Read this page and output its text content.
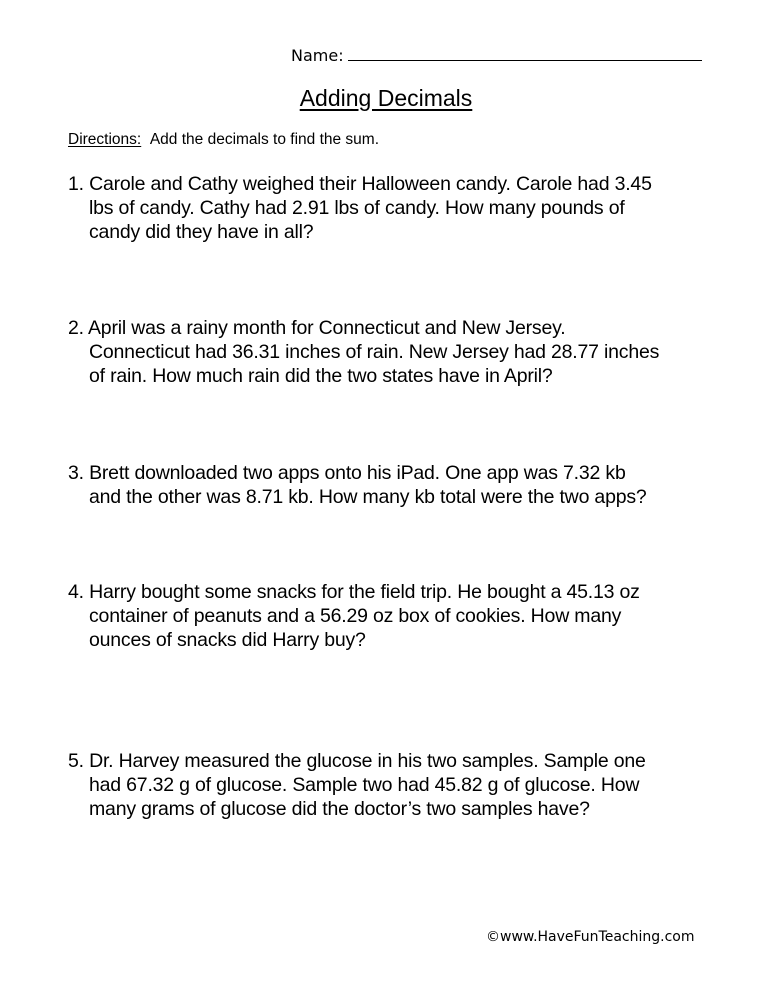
Name:
Adding Decimals
Directions: Add the decimals to find the sum.
1. Carole and Cathy weighed their Halloween candy. Carole had 3.45
lbs of candy. Cathy had 2.91 lbs of candy. How many pounds of
candy did they have in all?
2. April was a rainy month for Connecticut and New Jersey.
Connecticut had 36.31 inches of rain. New Jersey had 28.77 inches
of rain. How much rain did the two states have in April?
3. Brett downloaded two apps onto his iPad. One app was 7.32 kb
and the other was 8.71 kb. How many kb total were the two apps?
4. Harry bought some snacks for the field trip. He bought a 45.13 oz
container of peanuts and a 56.29 oz box of cookies. How many
ounces of snacks did Harry buy?
5. Dr. Harvey measured the glucose in his two samples. Sample one
had 67.32 g of glucose. Sample two had 45.82 g of glucose. How
many grams of glucose did the doctor’s two samples have?
©www.HaveFunTeaching.com
